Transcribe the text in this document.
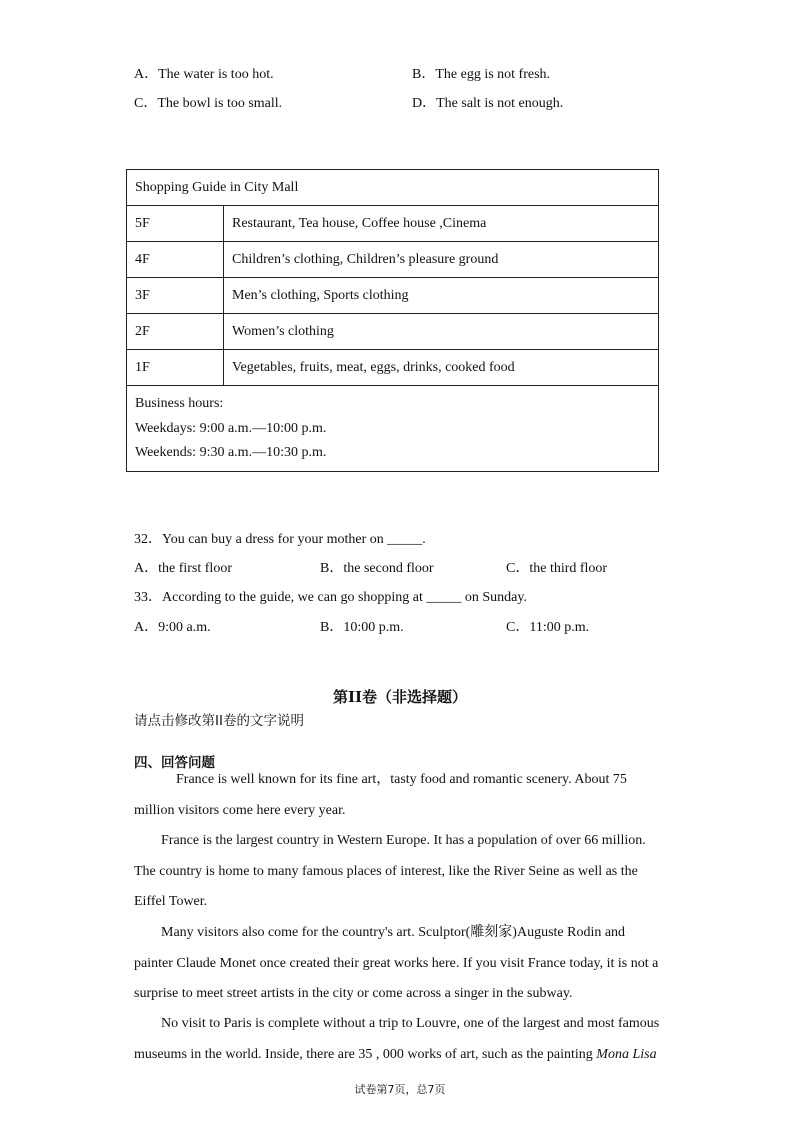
A．The water is too hot.	B．The egg is not fresh.
C．The bowl is too small.	D．The salt is not enough.
Shopping Guide in City Mall	
5F	Restaurant, Tea house, Coffee house ,Cinema
4F	Children’s clothing, Children’s pleasure ground
3F	Men’s clothing, Sports clothing
2F	Women’s clothing
1F	Vegetables, fruits, meat, eggs, drinks, cooked food

Business hours:
Weekdays: 9:00 a.m.—10:00 p.m.
Weekends: 9:30 a.m.—10:30 p.m.	
32．You can buy a dress for your mother on _____.
A．the first floor	B．the second floor	C．the third floor
33．According to the guide, we can go shopping at _____ on Sunday.
A．9:00 a.m.	B．10:00 p.m.	C．11:00 p.m.
第II卷（非选择题）
请点击修改第II卷的文字说明
四、回答问题
France is well known for its fine art，tasty food and romantic scenery. About 75 million visitors come here every year.
France is the largest country in Western Europe. It has a population of over 66 million. The country is home to many famous places of interest, like the River Seine as well as the Eiffel Tower.
Many visitors also come for the country's art. Sculptor(雕刻家)Auguste Rodin and painter Claude Monet once created their great works here. If you visit France today, it is not a surprise to meet street artists in the city or come across a singer in the subway.
No visit to Paris is complete without a trip to Louvre, one of the largest and most famous museums in the world. Inside, there are 35 , 000 works of art, such as the painting Mona Lisa
试卷第7页，总7页
